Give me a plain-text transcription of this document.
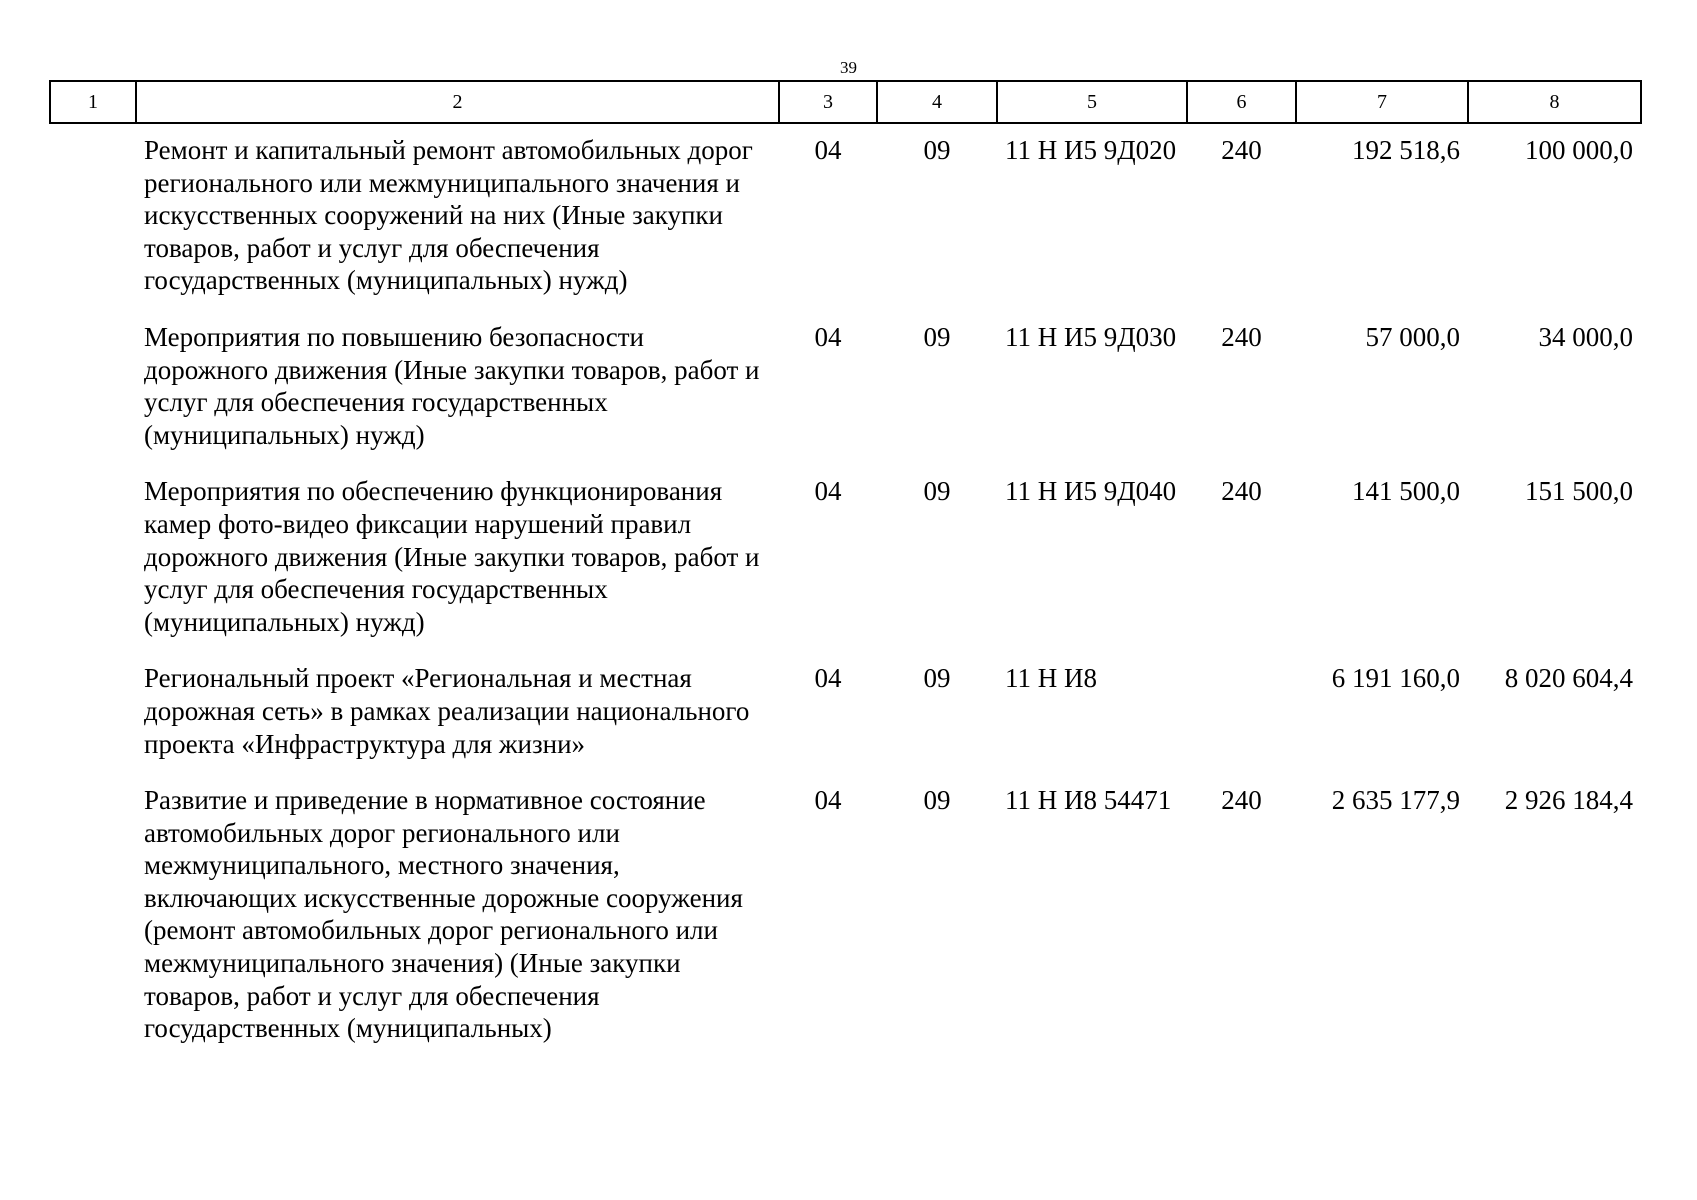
39
1	2	3	4	5	6	7	8
	Ремонт и капитальный ремонт автомобильных дорог регионального или межмуниципального значения и искусственных сооружений на них (Иные закупки товаров, работ и услуг для обеспечения государственных (муниципальных) нужд)	04	09	11 Н И5 9Д020	240	192 518,6	100 000,0
	Мероприятия по повышению безопасности дорожного движения (Иные закупки товаров, работ и услуг для обеспечения государственных (муниципальных) нужд)	04	09	11 Н И5 9Д030	240	57 000,0	34 000,0
	Мероприятия по обеспечению функционирования камер фото-видео фиксации нарушений правил дорожного движения (Иные закупки товаров, работ и услуг для обеспечения государственных (муниципальных) нужд)	04	09	11 Н И5 9Д040	240	141 500,0	151 500,0
	Региональный проект «Региональная и местная дорожная сеть» в рамках реализации национального проекта «Инфраструктура для жизни»	04	09	11 Н И8		6 191 160,0	8 020 604,4
	Развитие и приведение в нормативное состояние автомобильных дорог регионального или межмуниципального, местного значения, включающих искусственные дорожные сооружения (ремонт автомобильных дорог регионального или межмуниципального значения) (Иные закупки товаров, работ и услуг для обеспечения государственных (муниципальных)	04	09	11 Н И8 54471	240	2 635 177,9	2 926 184,4
